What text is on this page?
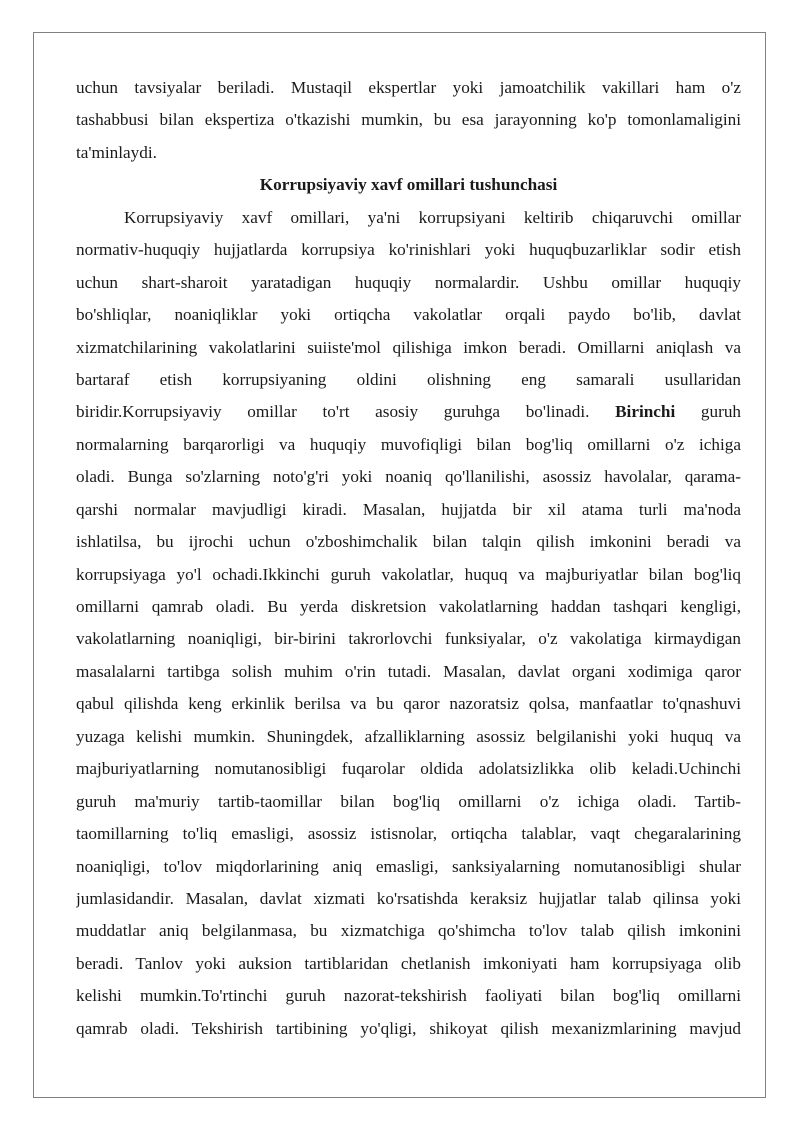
uchun tavsiyalar beriladi. Mustaqil ekspertlar yoki jamoatchilik vakillari ham o'z
tashabbusi bilan ekspertiza o'tkazishi mumkin, bu esa jarayonning ko'p tomonlamaligini
ta'minlaydi.
Korrupsiyaviy xavf omillari tushunchasi
Korrupsiyaviy xavf omillari, ya'ni korrupsiyani keltirib chiqaruvchi omillar
normativ-huquqiy hujjatlarda korrupsiya ko'rinishlari yoki huquqbuzarliklar sodir etish
uchun shart-sharoit yaratadigan huquqiy normalardir. Ushbu omillar huquqiy
bo'shliqlar, noaniqliklar yoki ortiqcha vakolatlar orqali paydo bo'lib, davlat
xizmatchilarining vakolatlarini suiiste'mol qilishiga imkon beradi. Omillarni aniqlash va
bartaraf etish korrupsiyaning oldini olishning eng samarali usullaridan
biridir.Korrupsiyaviy omillar to'rt asosiy guruhga bo'linadi. Birinchi guruh
normalarning barqarorligi va huquqiy muvofiqligi bilan bog'liq omillarni o'z ichiga
oladi. Bunga so'zlarning noto'g'ri yoki noaniq qo'llanilishi, asossiz havolalar, qarama-
qarshi normalar mavjudligi kiradi. Masalan, hujjatda bir xil atama turli ma'noda
ishlatilsa, bu ijrochi uchun o'zboshimchalik bilan talqin qilish imkonini beradi va
korrupsiyaga yo'l ochadi.Ikkinchi guruh vakolatlar, huquq va majburiyatlar bilan bog'liq
omillarni qamrab oladi. Bu yerda diskretsion vakolatlarning haddan tashqari kengligi,
vakolatlarning noaniqligi, bir-birini takrorlovchi funksiyalar, o'z vakolatiga kirmaydigan
masalalarni tartibga solish muhim o'rin tutadi. Masalan, davlat organi xodimiga qaror
qabul qilishda keng erkinlik berilsa va bu qaror nazoratsiz qolsa, manfaatlar to'qnashuvi
yuzaga kelishi mumkin. Shuningdek, afzalliklarning asossiz belgilanishi yoki huquq va
majburiyatlarning nomutanosibligi fuqarolar oldida adolatsizlikka olib keladi.Uchinchi
guruh ma'muriy tartib-taomillar bilan bog'liq omillarni o'z ichiga oladi. Tartib-
taomillarning to'liq emasligi, asossiz istisnolar, ortiqcha talablar, vaqt chegaralarining
noaniqligi, to'lov miqdorlarining aniq emasligi, sanksiyalarning nomutanosibligi shular
jumlasidandir. Masalan, davlat xizmati ko'rsatishda keraksiz hujjatlar talab qilinsa yoki
muddatlar aniq belgilanmasa, bu xizmatchiga qo'shimcha to'lov talab qilish imkonini
beradi. Tanlov yoki auksion tartiblaridan chetlanish imkoniyati ham korrupsiyaga olib
kelishi mumkin.To'rtinchi guruh nazorat-tekshirish faoliyati bilan bog'liq omillarni
qamrab oladi. Tekshirish tartibining yo'qligi, shikoyat qilish mexanizmlarining mavjud
